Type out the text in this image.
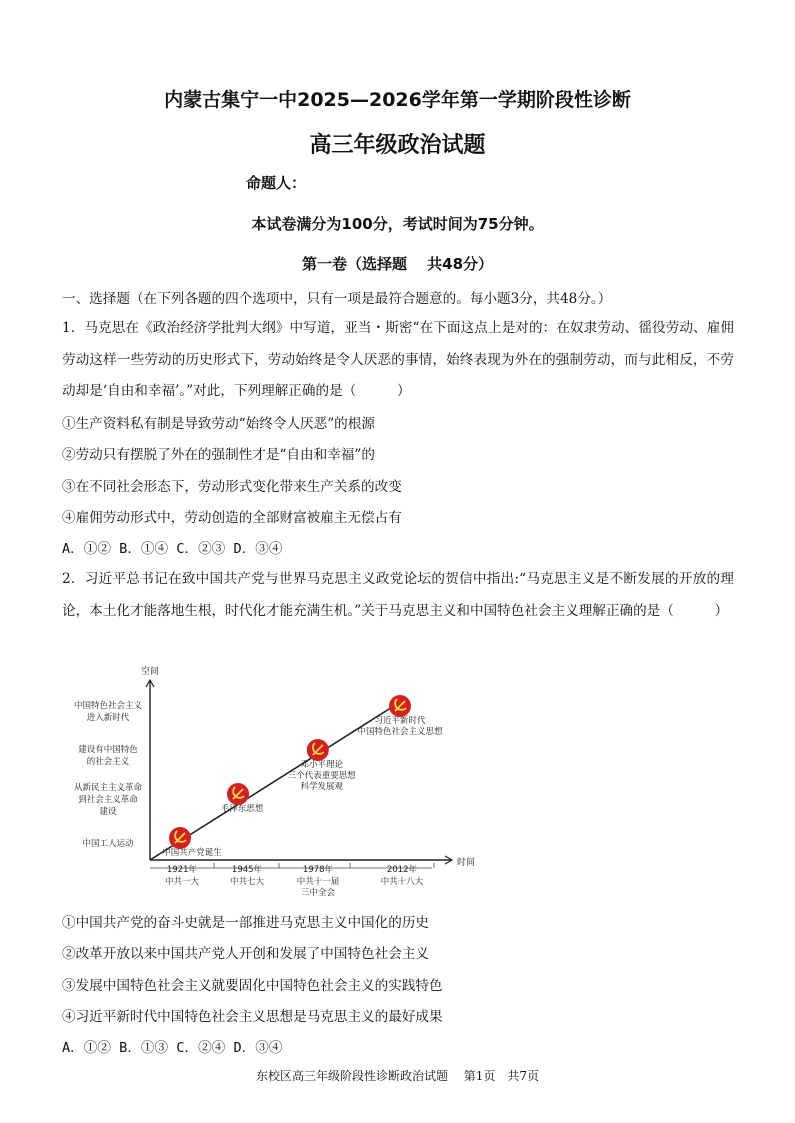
内蒙古集宁一中2025—2026学年第一学期阶段性诊断
高三年级政治试题
命题人：
本试卷满分为100分，考试时间为75分钟。
第一卷（选择题　 共48分）
一、选择题（在下列各题的四个选项中，只有一项是最符合题意的。每小题3分，共48分。）
1．马克思在《政治经济学批判大纲》中写道，亚当・斯密“在下面这点上是对的：在奴隶劳动、徭役劳动、雇佣劳动这样一些劳动的历史形式下，劳动始终是令人厌恶的事情，始终表现为外在的强制劳动，而与此相反，不劳动却是‘自由和幸福’。”对此，下列理解正确的是（　　　）
①生产资料私有制是导致劳动“始终令人厌恶”的根源
②劳动只有摆脱了外在的强制性才是“自由和幸福”的
③在不同社会形态下，劳动形式变化带来生产关系的改变
④雇佣劳动形式中，劳动创造的全部财富被雇主无偿占有
A．①② B．①④ C．②③ D．③④
2．习近平总书记在致中国共产党与世界马克思主义政党论坛的贺信中指出:“马克思主义是不断发展的开放的理论，本土化才能落地生根，时代化才能充满生机。”关于马克思主义和中国特色社会主义理解正确的是（　　　）
空间
时间
中国工人运动
从新民主主义革命
到社会主义革命
建设
建设有中国特色
的社会主义
中国特色社会主义
进入新时代
1921年
中共一大
1945年
中共七大
1978年
中共十一届
三中全会
2012年
中共十八大
中国共产党诞生
毛泽东思想
邓小平理论
三个代表重要思想
科学发展观
习近平新时代
中国特色社会主义思想
①中国共产党的奋斗史就是一部推进马克思主义中国化的历史
②改革开放以来中国共产党人开创和发展了中国特色社会主义
③发展中国特色社会主义就要固化中国特色社会主义的实践特色
④习近平新时代中国特色社会主义思想是马克思主义的最好成果
A．①② B．①③ C．②④ D．③④
东校区高三年级阶段性诊断政治试题　 第1页　共7页
